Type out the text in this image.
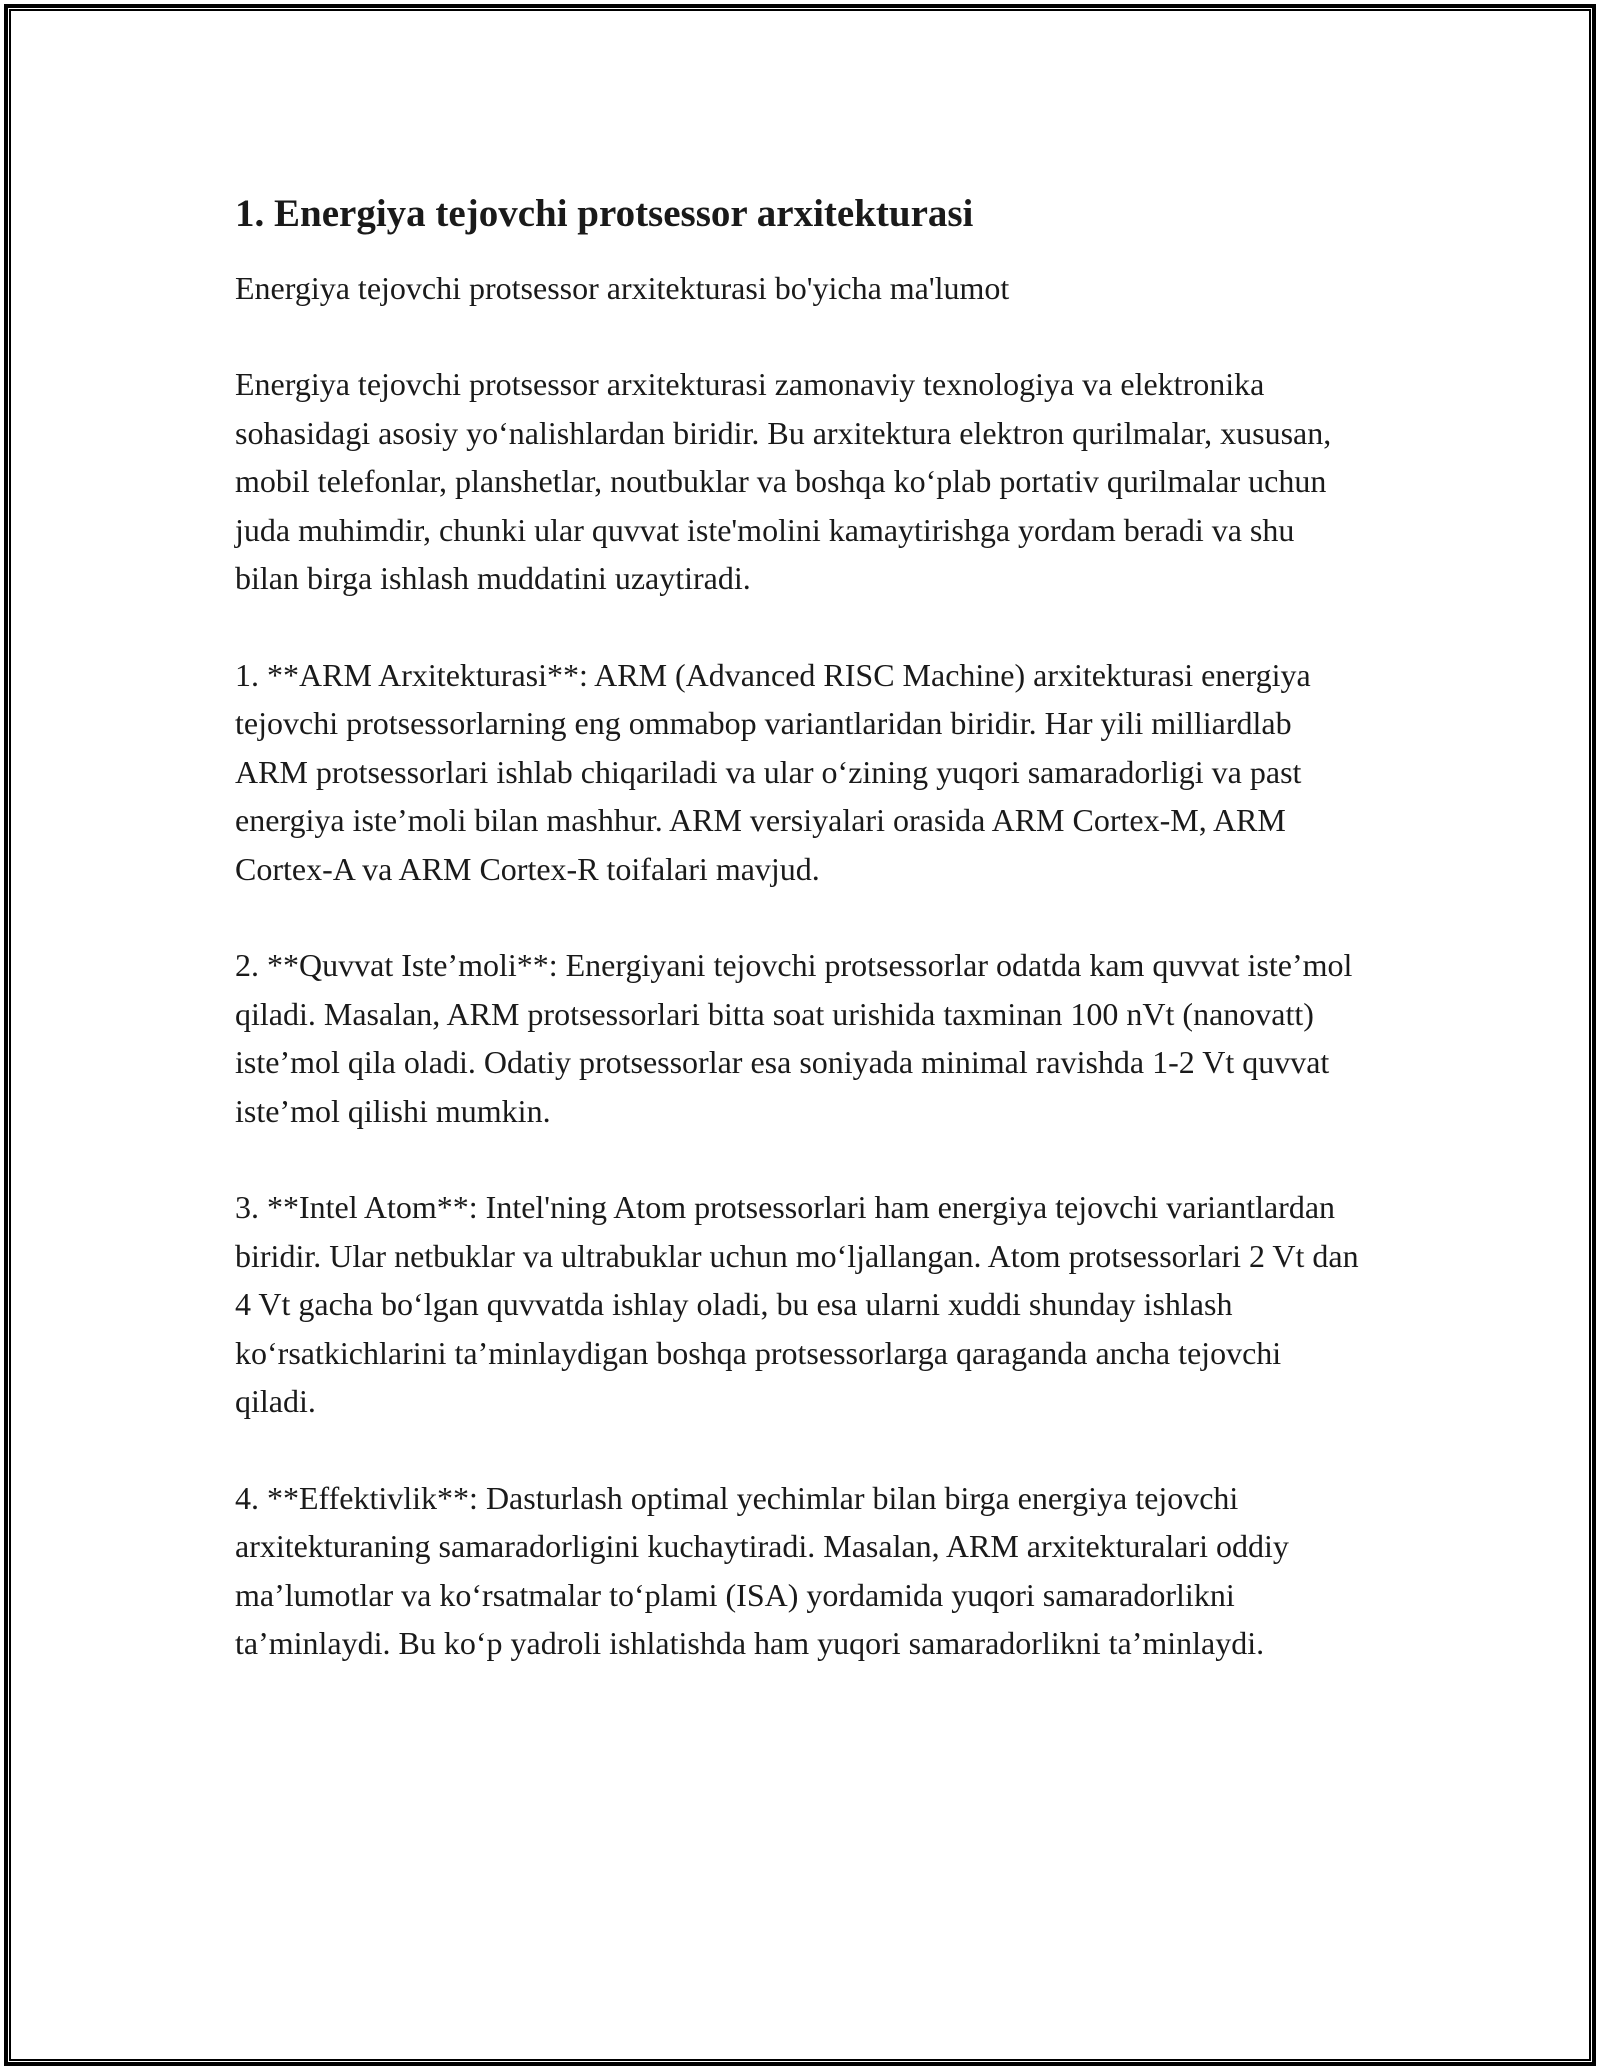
1. Energiya tejovchi protsessor arxitekturasi

Energiya tejovchi protsessor arxitekturasi bo'yicha ma'lumot

Energiya tejovchi protsessor arxitekturasi zamonaviy texnologiya va elektronika sohasidagi asosiy yo‘nalishlardan biridir. Bu arxitektura elektron qurilmalar, xususan, mobil telefonlar, planshetlar, noutbuklar va boshqa ko‘plab portativ qurilmalar uchun juda muhimdir, chunki ular quvvat iste'molini kamaytirishga yordam beradi va shu bilan birga ishlash muddatini uzaytiradi.

1. **ARM Arxitekturasi**: ARM (Advanced RISC Machine) arxitekturasi energiya tejovchi protsessorlarning eng ommabop variantlaridan biridir. Har yili milliardlab ARM protsessorlari ishlab chiqariladi va ular o‘zining yuqori samaradorligi va past energiya iste’moli bilan mashhur. ARM versiyalari orasida ARM Cortex-M, ARM Cortex-A va ARM Cortex-R toifalari mavjud.

2. **Quvvat Iste’moli**: Energiyani tejovchi protsessorlar odatda kam quvvat iste’mol qiladi. Masalan, ARM protsessorlari bitta soat urishida taxminan 100 nVt (nanovatt) iste’mol qila oladi. Odatiy protsessorlar esa soniyada minimal ravishda 1-2 Vt quvvat iste’mol qilishi mumkin.

3. **Intel Atom**: Intel'ning Atom protsessorlari ham energiya tejovchi variantlardan biridir. Ular netbuklar va ultrabuklar uchun mo‘ljallangan. Atom protsessorlari 2 Vt dan 4 Vt gacha bo‘lgan quvvatda ishlay oladi, bu esa ularni xuddi shunday ishlash ko‘rsatkichlarini ta’minlaydigan boshqa protsessorlarga qaraganda ancha tejovchi qiladi.

4. **Effektivlik**: Dasturlash optimal yechimlar bilan birga energiya tejovchi arxitekturaning samaradorligini kuchaytiradi. Masalan, ARM arxitekturalari oddiy ma’lumotlar va ko‘rsatmalar to‘plami (ISA) yordamida yuqori samaradorlikni ta’minlaydi. Bu ko‘p yadroli ishlatishda ham yuqori samaradorlikni ta’minlaydi.
